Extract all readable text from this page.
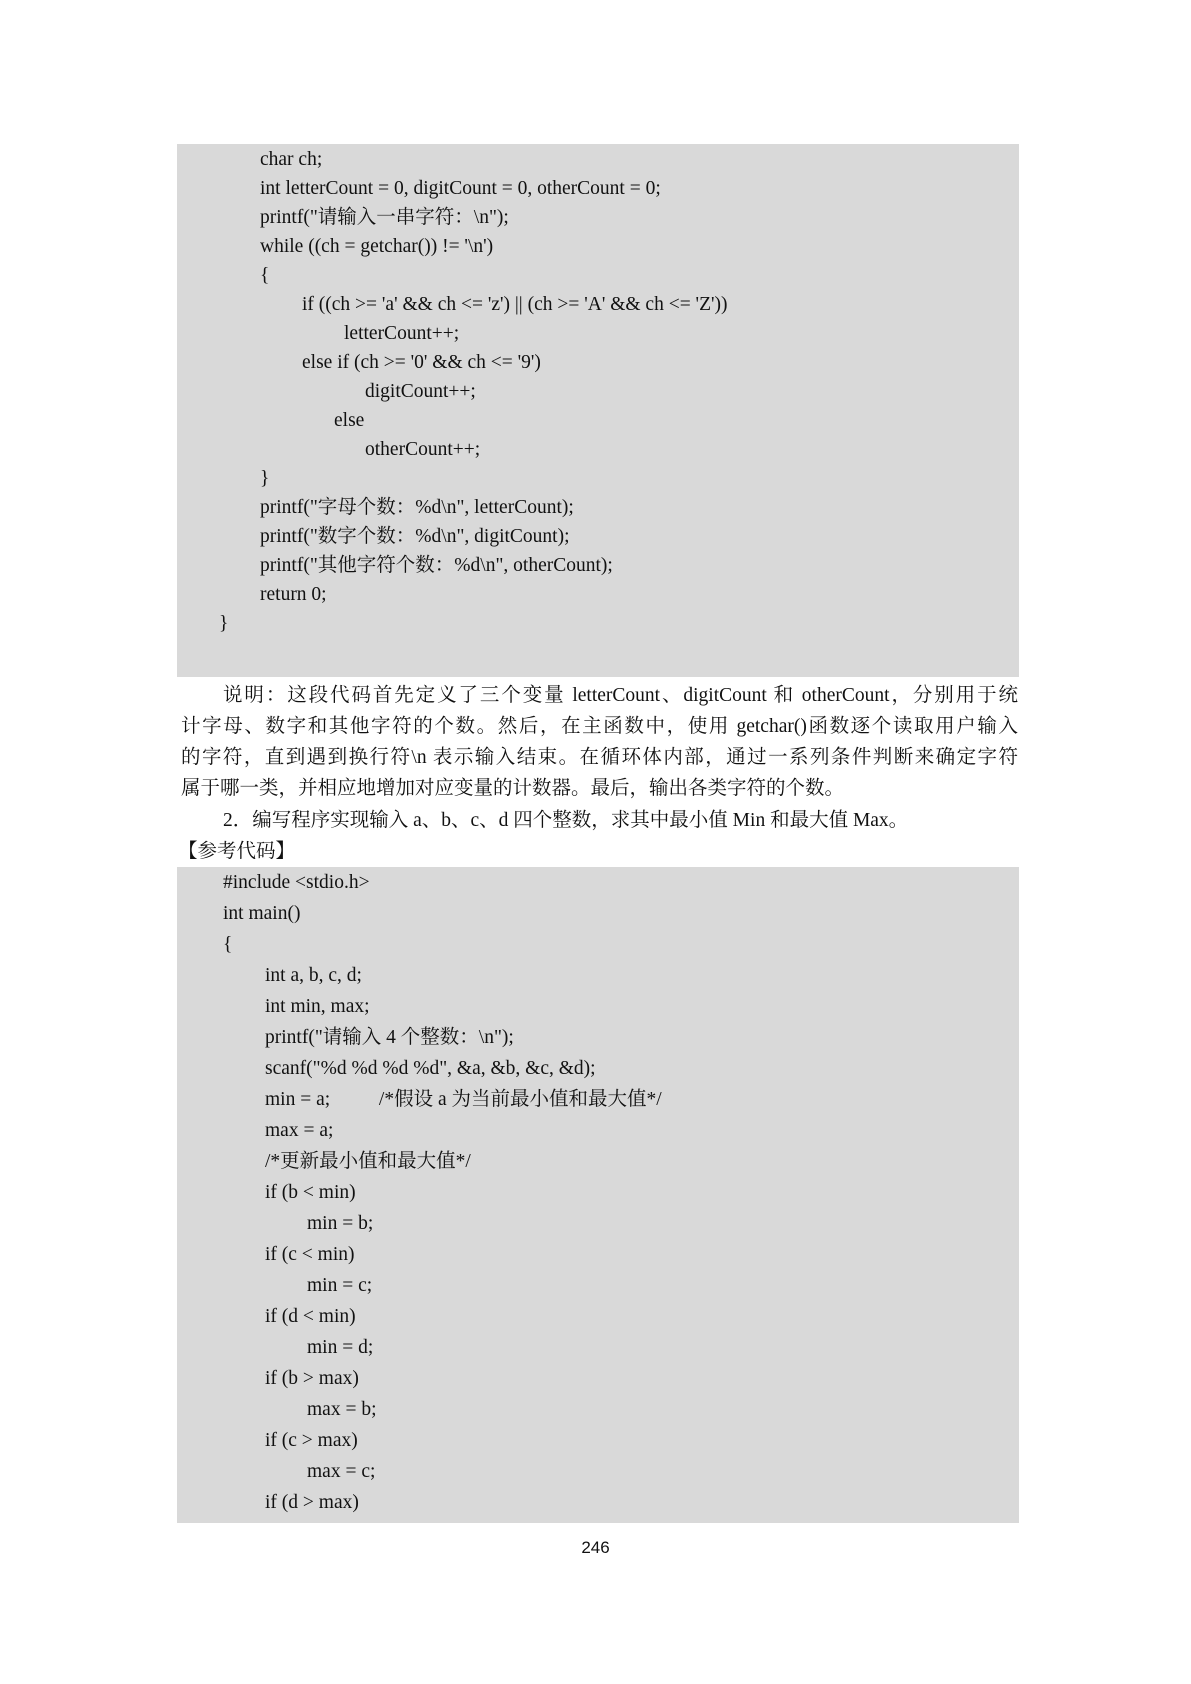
char ch;

int letterCount = 0, digitCount = 0, otherCount = 0;

printf("请输入一串字符：\n");

while ((ch = getchar()) != '\n')

{

if ((ch >= 'a' && ch <= 'z') || (ch >= 'A' && ch <= 'Z'))

letterCount++;

else if (ch >= '0' && ch <= '9')

digitCount++;

else

otherCount++;

}

printf("字母个数：%d\n", letterCount);

printf("数字个数：%d\n", digitCount);

printf("其他字符个数：%d\n", otherCount);

return 0;

}

说明：这段代码首先定义了三个变量 letterCount、digitCount 和 otherCount，分别用于统

计字母、数字和其他字符的个数。然后，在主函数中，使用 getchar()函数逐个读取用户输入

的字符，直到遇到换行符\n 表示输入结束。在循环体内部，通过一系列条件判断来确定字符

属于哪一类，并相应地增加对应变量的计数器。最后，输出各类字符的个数。

2．编写程序实现输入 a、b、c、d 四个整数，求其中最小值 Min 和最大值 Max。

【参考代码】

#include <stdio.h>

int main()

{

int a, b, c, d;

int min, max;

printf("请输入 4 个整数：\n");

scanf("%d %d %d %d", &a, &b, &c, &d);

min = a;          /*假设 a 为当前最小值和最大值*/

max = a;

/*更新最小值和最大值*/

if (b < min)

min = b;

if (c < min)

min = c;

if (d < min)

min = d;

if (b > max)

max = b;

if (c > max)

max = c;

if (d > max)

246
